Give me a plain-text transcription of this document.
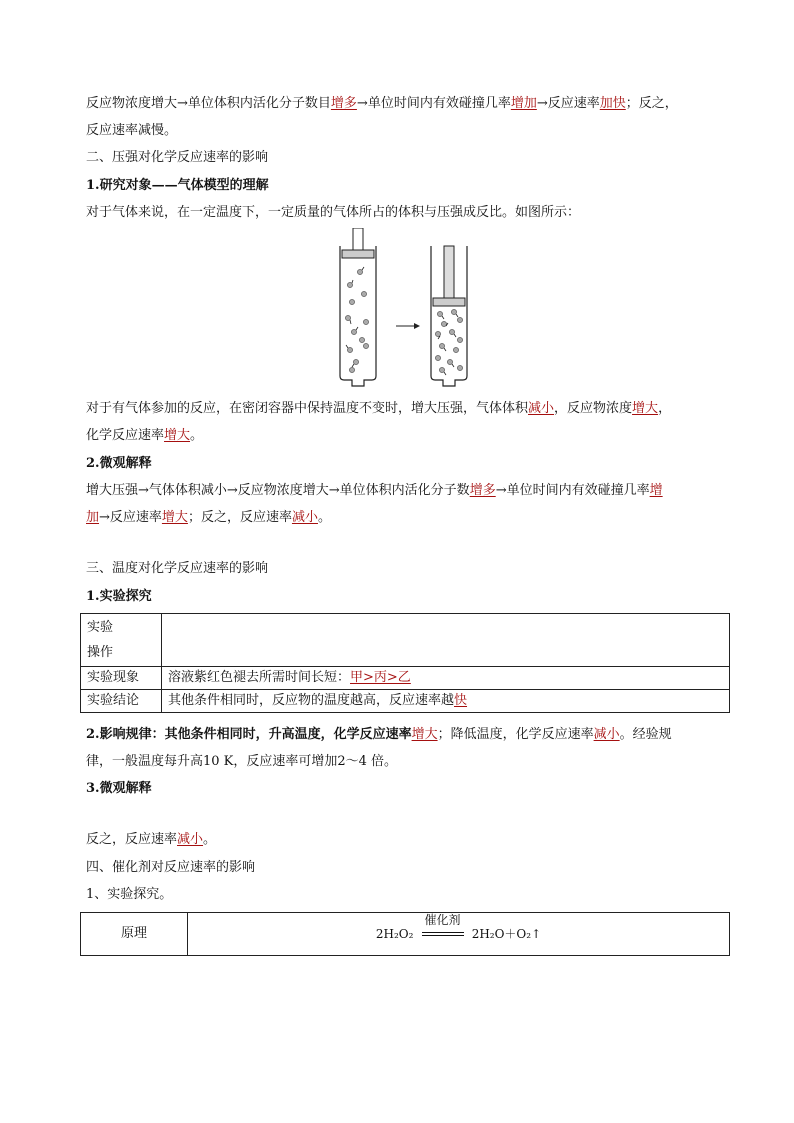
反应物浓度增大→单位体积内活化分子数目增多→单位时间内有效碰撞几率增加→反应速率加快；反之，
反应速率减慢。
二、压强对化学反应速率的影响
1.研究对象——气体模型的理解
对于气体来说，在一定温度下，一定质量的气体所占的体积与压强成反比。如图所示：
对于有气体参加的反应，在密闭容器中保持温度不变时，增大压强，气体体积减小，反应物浓度增大，
化学反应速率增大。
2.微观解释
增大压强→气体体积减小→反应物浓度增大→单位体积内活化分子数增多→单位时间内有效碰撞几率增
加→反应速率增大；反之，反应速率减小。
三、温度对化学反应速率的影响
1.实验探究
实验
操作	
实验现象	溶液紫红色褪去所需时间长短：甲>丙>乙
实验结论	其他条件相同时，反应物的温度越高，反应速率越快
2.影响规律：其他条件相同时，升高温度，化学反应速率增大；降低温度，化学反应速率减小。经验规
律，一般温度每升高10 K，反应速率可增加2～4 倍。
3.微观解释
反之，反应速率减小。
四、催化剂对反应速率的影响
1、实验探究。
原理	2H₂O₂
催化剂
2H₂O＋O₂↑
